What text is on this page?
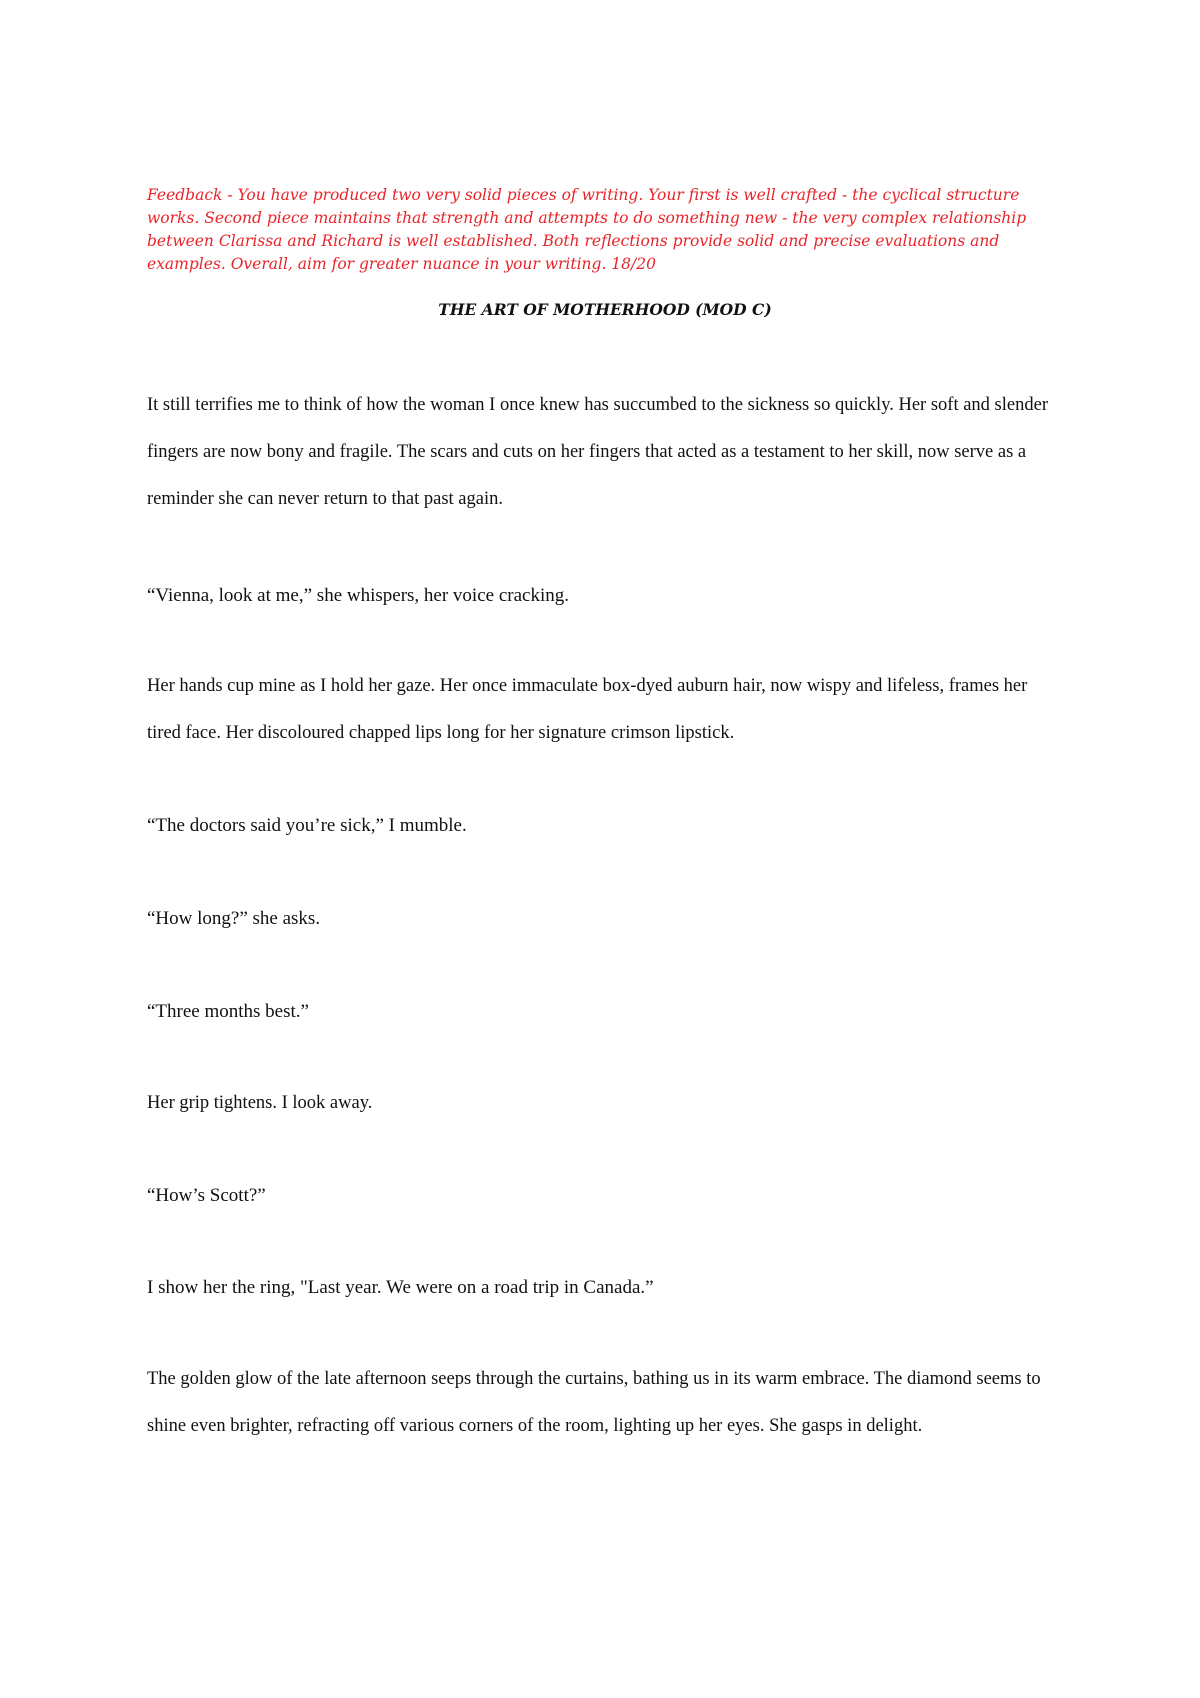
Feedback - You have produced two very solid pieces of writing. Your first is well crafted - the cyclical structure works. Second piece maintains that strength and attempts to do something new - the very complex relationship between Clarissa and Richard is well established. Both reflections provide solid and precise evaluations and examples. Overall, aim for greater nuance in your writing. 18/20

THE ART OF MOTHERHOOD (MOD C)

It still terrifies me to think of how the woman I once knew has succumbed to the sickness so quickly. Her soft and slender fingers are now bony and fragile. The scars and cuts on her fingers that acted as a testament to her skill, now serve as a reminder she can never return to that past again.

“Vienna, look at me,” she whispers, her voice cracking.

Her hands cup mine as I hold her gaze. Her once immaculate box-dyed auburn hair, now wispy and lifeless, frames her tired face. Her discoloured chapped lips long for her signature crimson lipstick.

“The doctors said you’re sick,” I mumble.

“How long?” she asks.

“Three months best.”

Her grip tightens. I look away.

“How’s Scott?”

I show her the ring, "Last year. We were on a road trip in Canada.”

The golden glow of the late afternoon seeps through the curtains, bathing us in its warm embrace. The diamond seems to shine even brighter, refracting off various corners of the room, lighting up her eyes. She gasps in delight.
